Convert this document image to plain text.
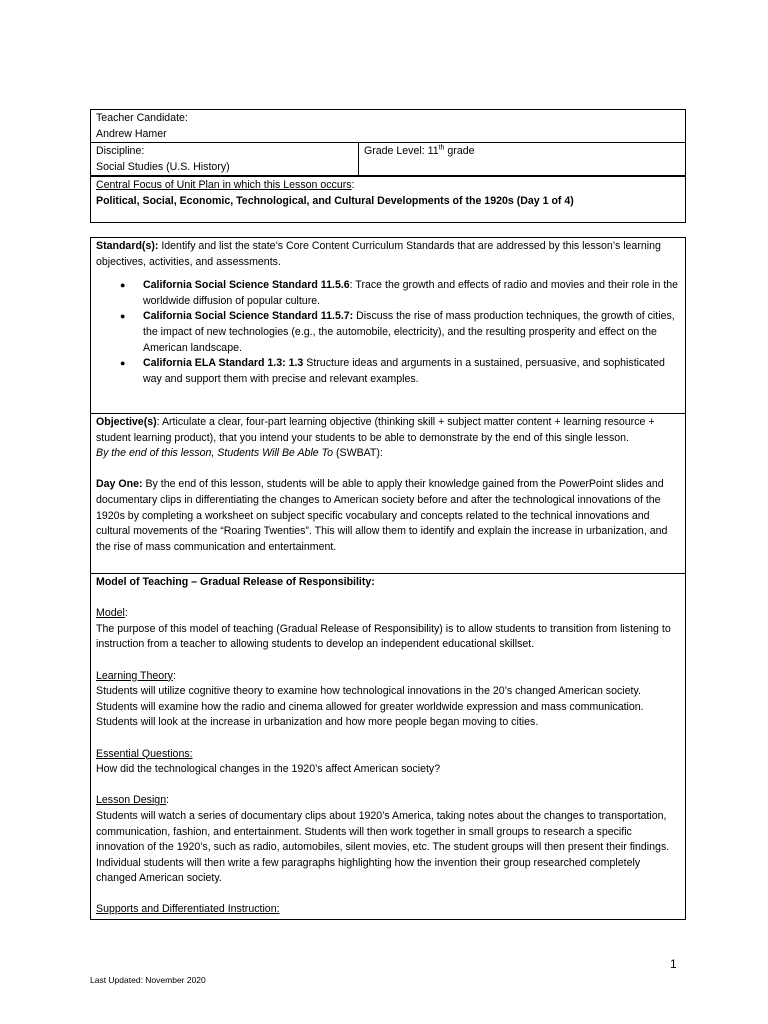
Teacher Candidate:

Andrew Hamer

Discipline:

Social Studies (U.S. History)

Grade Level: 11th grade

Central Focus of Unit Plan in which this Lesson occurs:

Political, Social, Economic, Technological, and Cultural Developments of the 1920s (Day 1 of 4)

Standard(s): Identify and list the state’s Core Content Curriculum Standards that are addressed by this lesson’s learning objectives, activities, and assessments.

● California Social Science Standard 11.5.6: Trace the growth and effects of radio and movies and their role in the worldwide diffusion of popular culture.
● California Social Science Standard 11.5.7: Discuss the rise of mass production techniques, the growth of cities, the impact of new technologies (e.g., the automobile, electricity), and the resulting prosperity and effect on the American landscape.
● California ELA Standard 1.3: 1.3 Structure ideas and arguments in a sustained, persuasive, and sophisticated way and support them with precise and relevant examples.

Objective(s): Articulate a clear, four-part learning objective (thinking skill + subject matter content + learning resource + student learning product), that you intend your students to be able to demonstrate by the end of this single lesson.

By the end of this lesson, Students Will Be Able To (SWBAT):

Day One: By the end of this lesson, students will be able to apply their knowledge gained from the PowerPoint slides and documentary clips in differentiating the changes to American society before and after the technological innovations of the 1920s by completing a worksheet on subject specific vocabulary and concepts related to the technical innovations and cultural movements of the “Roaring Twenties”. This will allow them to identify and explain the increase in urbanization, and the rise of mass communication and entertainment.

Model of Teaching – Gradual Release of Responsibility:

Model:

The purpose of this model of teaching (Gradual Release of Responsibility) is to allow students to transition from listening to instruction from a teacher to allowing students to develop an independent educational skillset.

Learning Theory:

Students will utilize cognitive theory to examine how technological innovations in the 20’s changed American society. Students will examine how the radio and cinema allowed for greater worldwide expression and mass communication. Students will look at the increase in urbanization and how more people began moving to cities.

Essential Questions:

How did the technological changes in the 1920’s affect American society?

Lesson Design:

Students will watch a series of documentary clips about 1920’s America, taking notes about the changes to transportation, communication, fashion, and entertainment. Students will then work together in small groups to research a specific innovation of the 1920’s, such as radio, automobiles, silent movies, etc. The student groups will then present their findings. Individual students will then write a few paragraphs highlighting how the invention their group researched completely changed American society.

Supports and Differentiated Instruction:

1
Last Updated: November 2020
